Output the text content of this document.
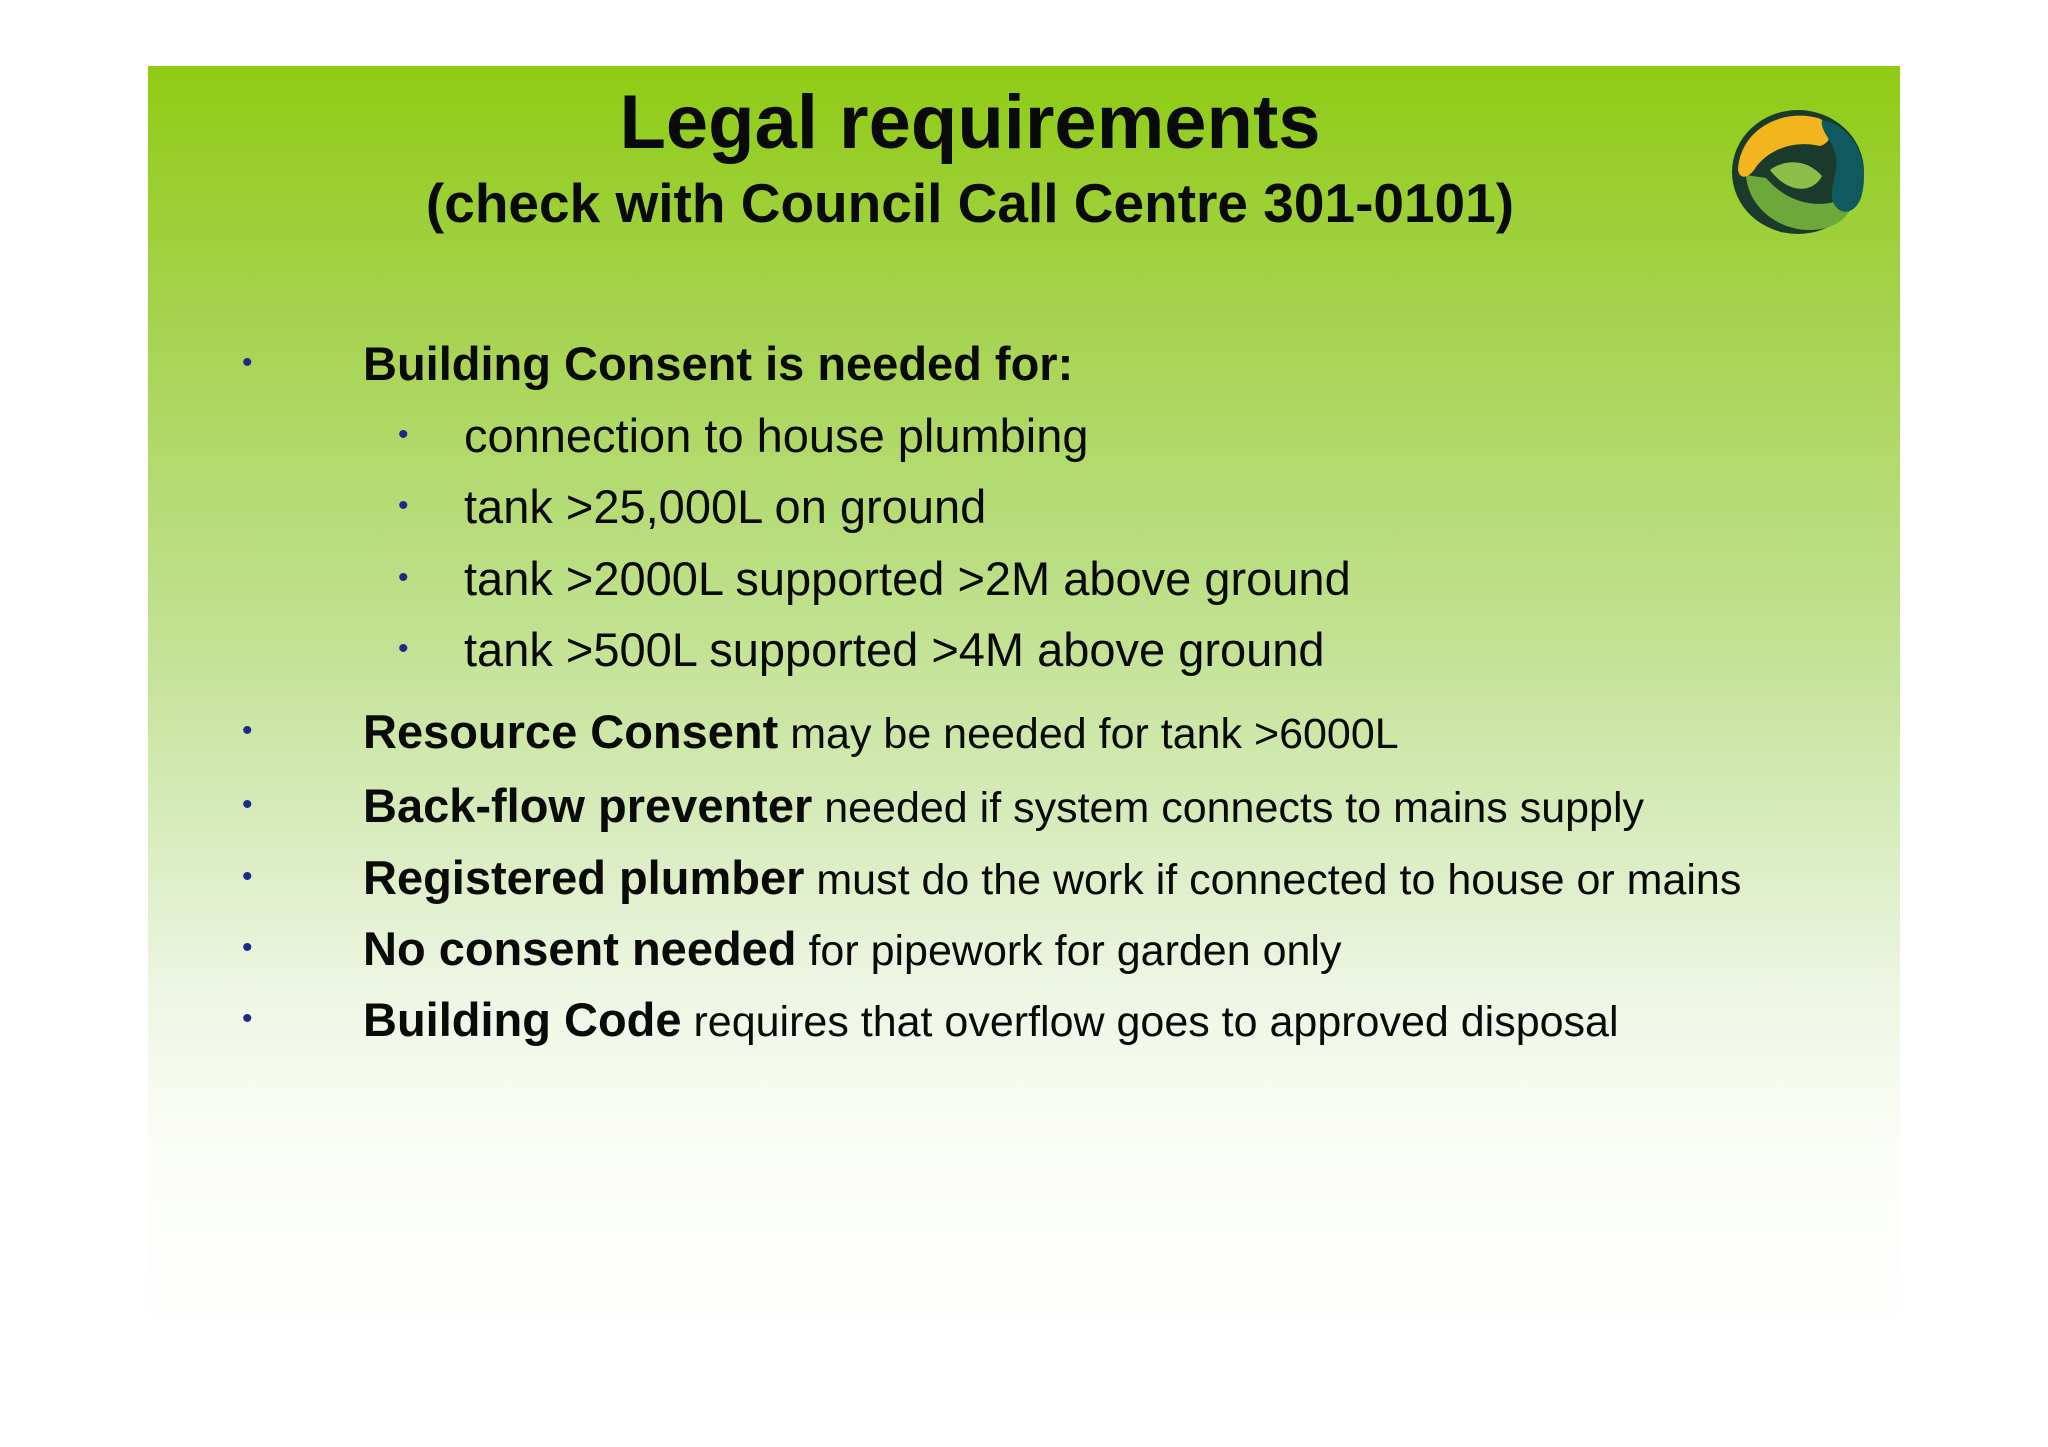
Legal requirements
(check with Council Call Centre 301-0101)
• Building Consent is needed for:
• connection to house plumbing
• tank >25,000L on ground
• tank >2000L supported >2M above ground
• tank >500L supported >4M above ground
• Resource Consent may be needed for tank >6000L
• Back-flow preventer needed if system connects to mains supply
• Registered plumber must do the work if connected to house or mains
• No consent needed for pipework for garden only
• Building Code requires that overflow goes to approved disposal
